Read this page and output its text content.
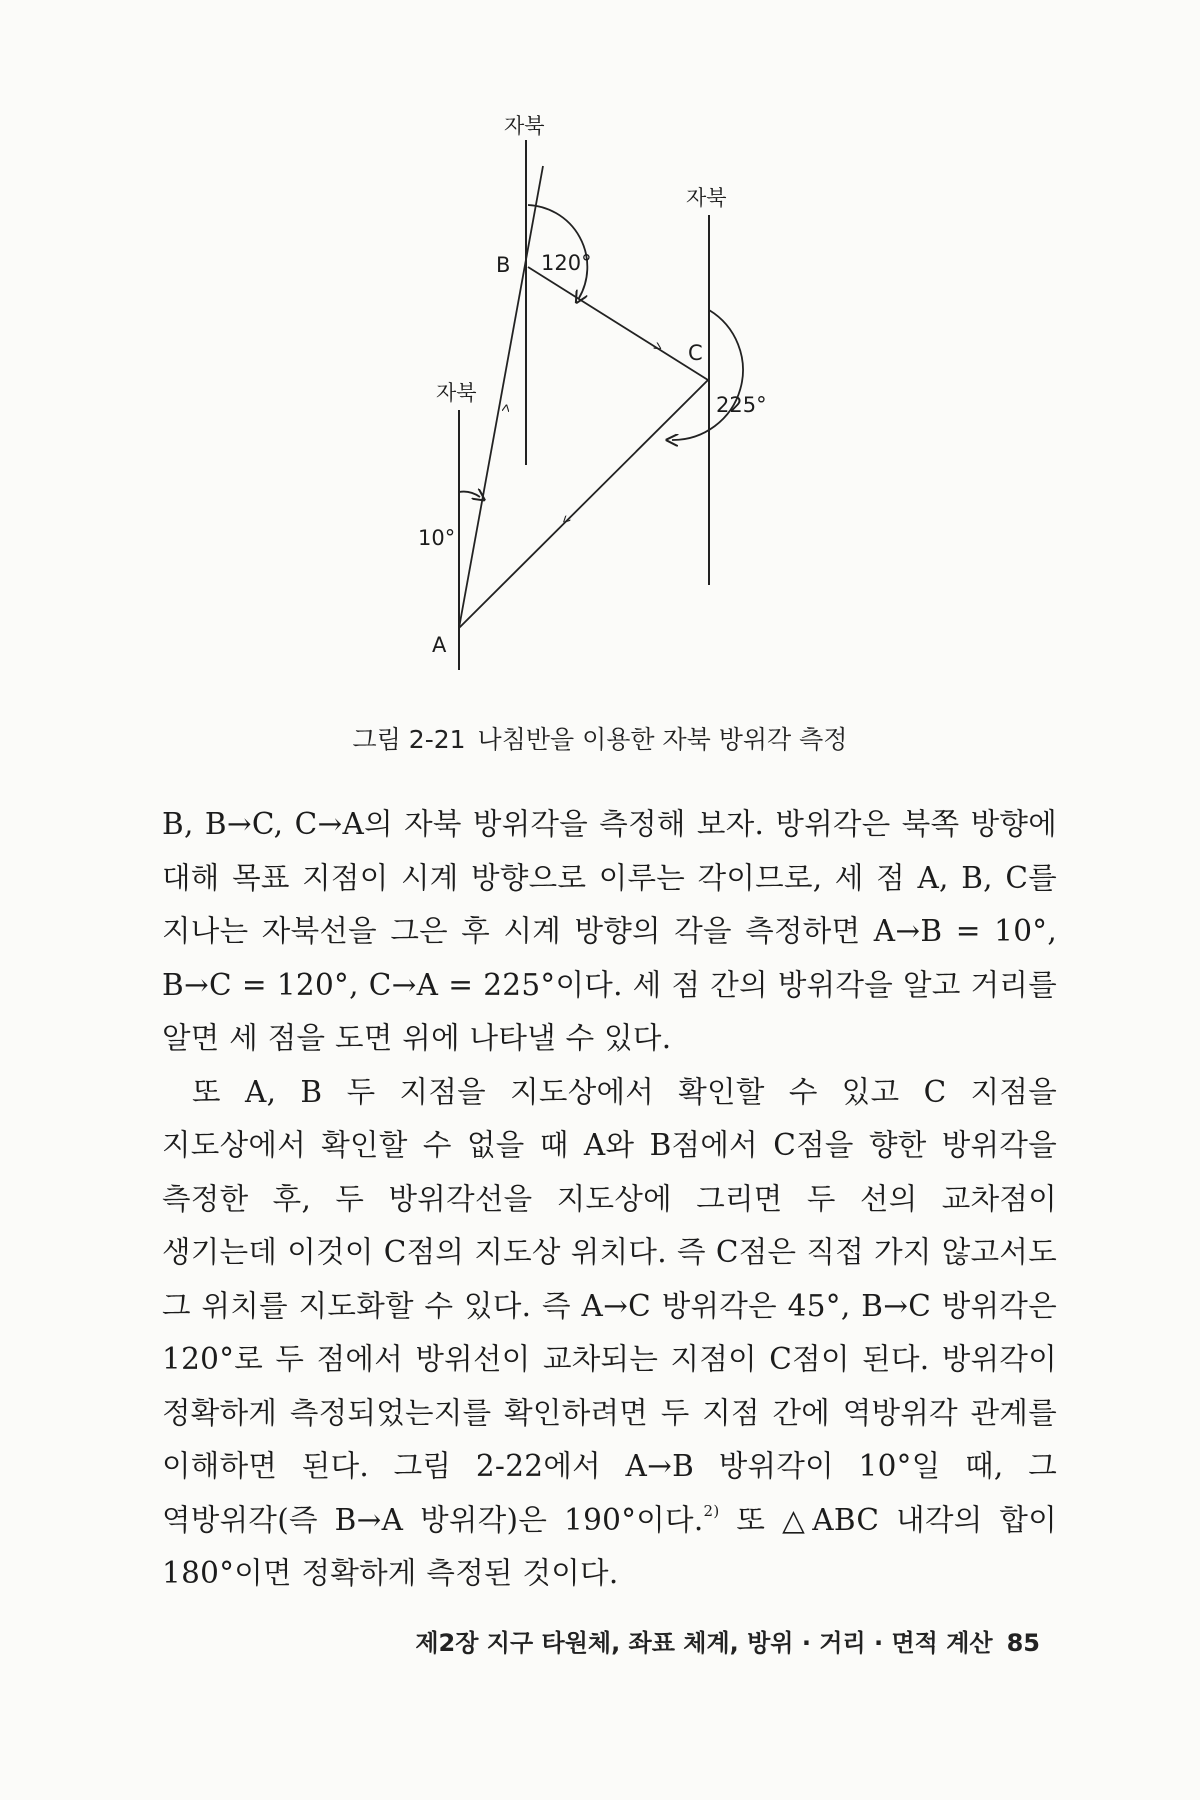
자북
자북
자북
B
C
A
120°
225°
10°
그림 2-21 나침반을 이용한 자북 방위각 측정

B, B→C, C→A의 자북 방위각을 측정해 보자. 방위각은 북쪽 방향에 대해 목표 지점이 시계 방향으로 이루는 각이므로, 세 점 A, B, C를 지나는 자북선을 그은 후 시계 방향의 각을 측정하면 A→B = 10°, B→C = 120°, C→A = 225°이다. 세 점 간의 방위각을 알고 거리를 알면 세 점을 도면 위에 나타낼 수 있다.

또 A, B 두 지점을 지도상에서 확인할 수 있고 C 지점을 지도상에서 확인할 수 없을 때 A와 B점에서 C점을 향한 방위각을 측정한 후, 두 방위각선을 지도상에 그리면 두 선의 교차점이 생기는데 이것이 C점의 지도상 위치다. 즉 C점은 직접 가지 않고서도 그 위치를 지도화할 수 있다. 즉 A→C 방위각은 45°, B→C 방위각은 120°로 두 점에서 방위선이 교차되는 지점이 C점이 된다. 방위각이 정확하게 측정되었는지를 확인하려면 두 지점 간에 역방위각 관계를 이해하면 된다. 그림 2-22에서 A→B 방위각이 10°일 때, 그 역방위각(즉 B→A 방위각)은 190°이다.$^{2)}$ 또 △ABC 내각의 합이 180°이면 정확하게 측정된 것이다.

제2장 지구 타원체, 좌표 체계, 방위 · 거리 · 면적 계산 85
